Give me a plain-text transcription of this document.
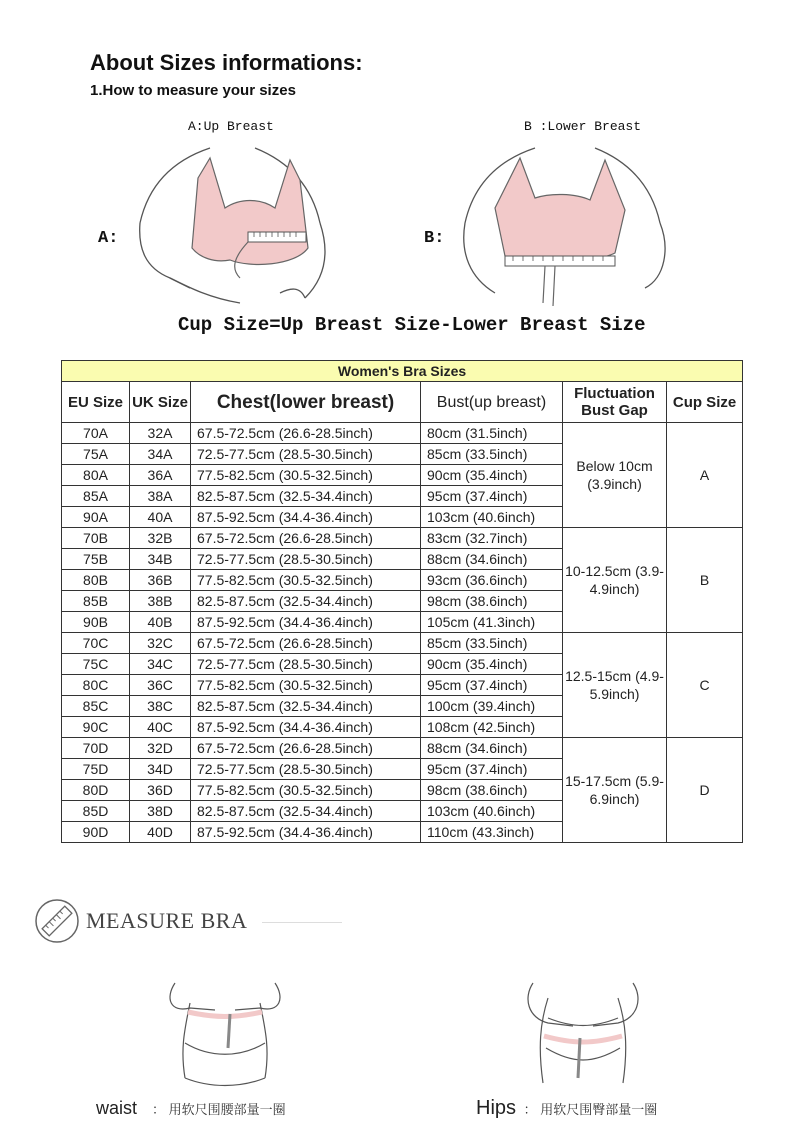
About Sizes informations:
1.How to measure your sizes
A:Up Breast	B :Lower Breast
A:	B:
Cup Size=Up Breast Size-Lower Breast Size
Women's Bra Sizes					
EU Size	UK Size	Chest(lower breast)	Bust(up breast)	Fluctuation Bust Gap	Cup Size
70A	32A	67.5-72.5cm (26.6-28.5inch)	80cm (31.5inch)	Below 10cm (3.9inch)	A
75A	34A	72.5-77.5cm (28.5-30.5inch)	85cm (33.5inch)		
80A	36A	77.5-82.5cm (30.5-32.5inch)	90cm (35.4inch)		
85A	38A	82.5-87.5cm (32.5-34.4inch)	95cm (37.4inch)		
90A	40A	87.5-92.5cm (34.4-36.4inch)	103cm (40.6inch)		
70B	32B	67.5-72.5cm (26.6-28.5inch)	83cm (32.7inch)	10-12.5cm (3.9-4.9inch)	B
75B	34B	72.5-77.5cm (28.5-30.5inch)	88cm (34.6inch)		
80B	36B	77.5-82.5cm (30.5-32.5inch)	93cm (36.6inch)		
85B	38B	82.5-87.5cm (32.5-34.4inch)	98cm (38.6inch)		
90B	40B	87.5-92.5cm (34.4-36.4inch)	105cm (41.3inch)		
70C	32C	67.5-72.5cm (26.6-28.5inch)	85cm (33.5inch)	12.5-15cm (4.9-5.9inch)	C
75C	34C	72.5-77.5cm (28.5-30.5inch)	90cm (35.4inch)		
80C	36C	77.5-82.5cm (30.5-32.5inch)	95cm (37.4inch)		
85C	38C	82.5-87.5cm (32.5-34.4inch)	100cm (39.4inch)		
90C	40C	87.5-92.5cm (34.4-36.4inch)	108cm (42.5inch)		
70D	32D	67.5-72.5cm (26.6-28.5inch)	88cm (34.6inch)	15-17.5cm (5.9-6.9inch)	D
75D	34D	72.5-77.5cm (28.5-30.5inch)	95cm (37.4inch)		
80D	36D	77.5-82.5cm (30.5-32.5inch)	98cm (38.6inch)		
85D	38D	82.5-87.5cm (32.5-34.4inch)	103cm (40.6inch)		
90D	40D	87.5-92.5cm (34.4-36.4inch)	110cm (43.3inch)		
MEASURE BRA
waist ： 用软尺围腰部量一圈	Hips ： 用软尺围臀部量一圈
